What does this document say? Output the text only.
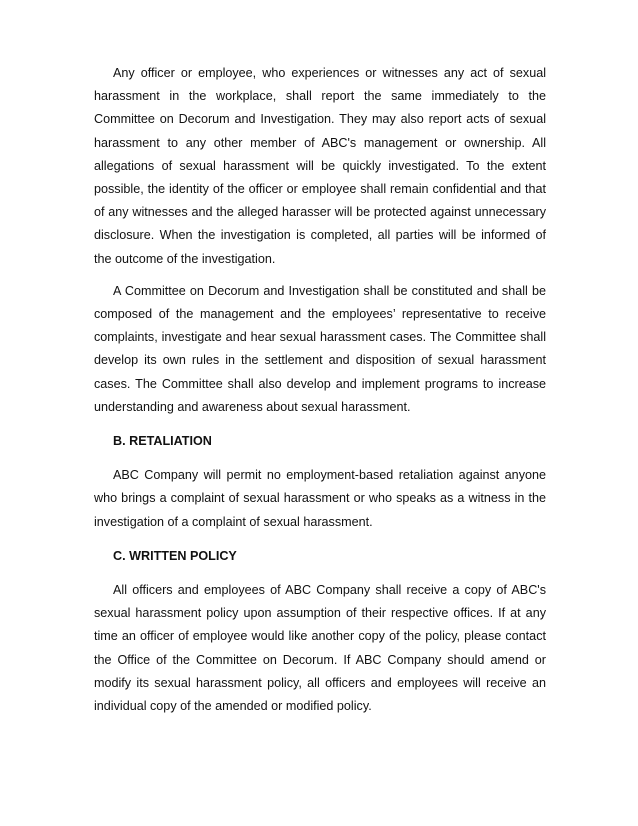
Any officer or employee, who experiences or witnesses any act of sexual harassment in the workplace, shall report the same immediately to the Committee on Decorum and Investigation. They may also report acts of sexual harassment to any other member of ABC's management or ownership. All allegations of sexual harassment will be quickly investigated. To the extent possible, the identity of the officer or employee shall remain confidential and that of any witnesses and the alleged harasser will be protected against unnecessary disclosure. When the investigation is completed, all parties will be informed of the outcome of the investigation.

A Committee on Decorum and Investigation shall be constituted and shall be composed of the management and the employees’ representative to receive complaints, investigate and hear sexual harassment cases. The Committee shall develop its own rules in the settlement and disposition of sexual harassment cases. The Committee shall also develop and implement programs to increase understanding and awareness about sexual harassment.

B. RETALIATION

ABC Company will permit no employment-based retaliation against anyone who brings a complaint of sexual harassment or who speaks as a witness in the investigation of a complaint of sexual harassment.

C. WRITTEN POLICY

All officers and employees of ABC Company shall receive a copy of ABC's sexual harassment policy upon assumption of their respective offices. If at any time an officer of employee would like another copy of the policy, please contact the Office of the Committee on Decorum. If ABC Company should amend or modify its sexual harassment policy, all officers and employees will receive an individual copy of the amended or modified policy.
